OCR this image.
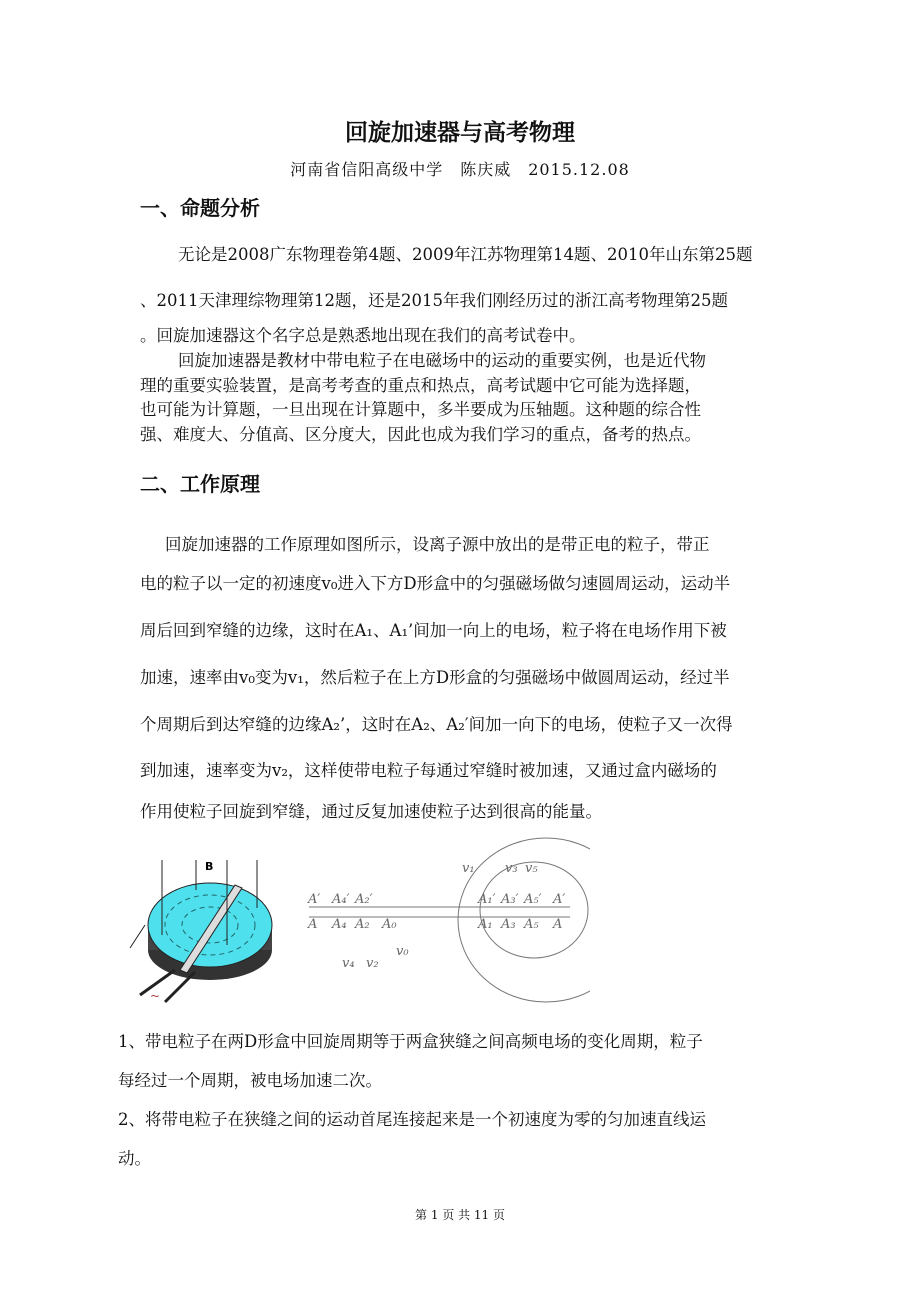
回旋加速器与高考物理
河南省信阳高级中学　陈庆威　2015.12.08
一、命题分析
无论是2008广东物理卷第4题、2009年江苏物理第14题、2010年山东第25题
、2011天津理综物理第12题，还是2015年我们刚经历过的浙江高考物理第25题
。回旋加速器这个名字总是熟悉地出现在我们的高考试卷中。
回旋加速器是教材中带电粒子在电磁场中的运动的重要实例，也是近代物
理的重要实验装置，是高考考查的重点和热点，高考试题中它可能为选择题，
也可能为计算题，一旦出现在计算题中，多半要成为压轴题。这种题的综合性
强、难度大、分值高、区分度大，因此也成为我们学习的重点，备考的热点。
二、工作原理
回旋加速器的工作原理如图所示，设离子源中放出的是带正电的粒子，带正
电的粒子以一定的初速度v₀进入下方D形盒中的匀强磁场做匀速圆周运动，运动半
周后回到窄缝的边缘，这时在A₁、A₁’间加一向上的电场，粒子将在电场作用下被
加速，速率由v₀变为v₁，然后粒子在上方D形盒的匀强磁场中做圆周运动，经过半
个周期后到达窄缝的边缘A₂’，这时在A₂、A₂′间加一向下的电场，使粒子又一次得
到加速，速率变为v₂，这样使带电粒子每通过窄缝时被加速，又通过盒内磁场的
作用使粒子回旋到窄缝，通过反复加速使粒子达到很高的能量。
B
~
A′ A₄′ A₂′	A₁′ A₃′ A₅′ A′
A A₄ A₂ A₀	A₁ A₃ A₅ A
v₁ v₃ v₅
v₀
v₄ v₂
1、带电粒子在两D形盒中回旋周期等于两盒狭缝之间高频电场的变化周期，粒子
每经过一个周期，被电场加速二次。
2、将带电粒子在狭缝之间的运动首尾连接起来是一个初速度为零的匀加速直线运
动。
第 1 页 共 11 页
